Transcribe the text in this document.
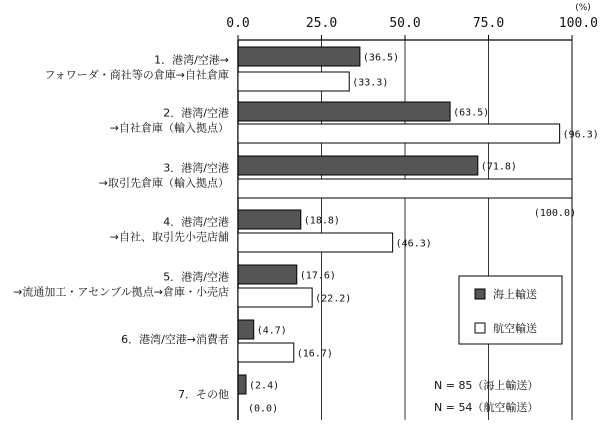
0.0	25.0	50.0	75.0	100.0
(%)
1．港湾/空港→フォワーダ・商社等の倉庫→自社倉庫
2．港湾/空港→自社倉庫（輸入拠点）
3．港湾/空港→取引先倉庫（輸入拠点）
4．港湾/空港→自社、取引先小売店舗
5．港湾/空港→流通加工・アセンブル拠点→倉庫・小売店
6．港湾/空港→消費者
7．その他
(36.5)
(63.5)
(71.8)
(18.8)
(17.6)
(4.7)
(2.4)
(33.3)
(96.3)
(100.0)
(46.3)
(22.2)
(16.7)
(0.0)
海上輸送
航空輸送
N = 85（海上輸送）
N = 54（航空輸送）
